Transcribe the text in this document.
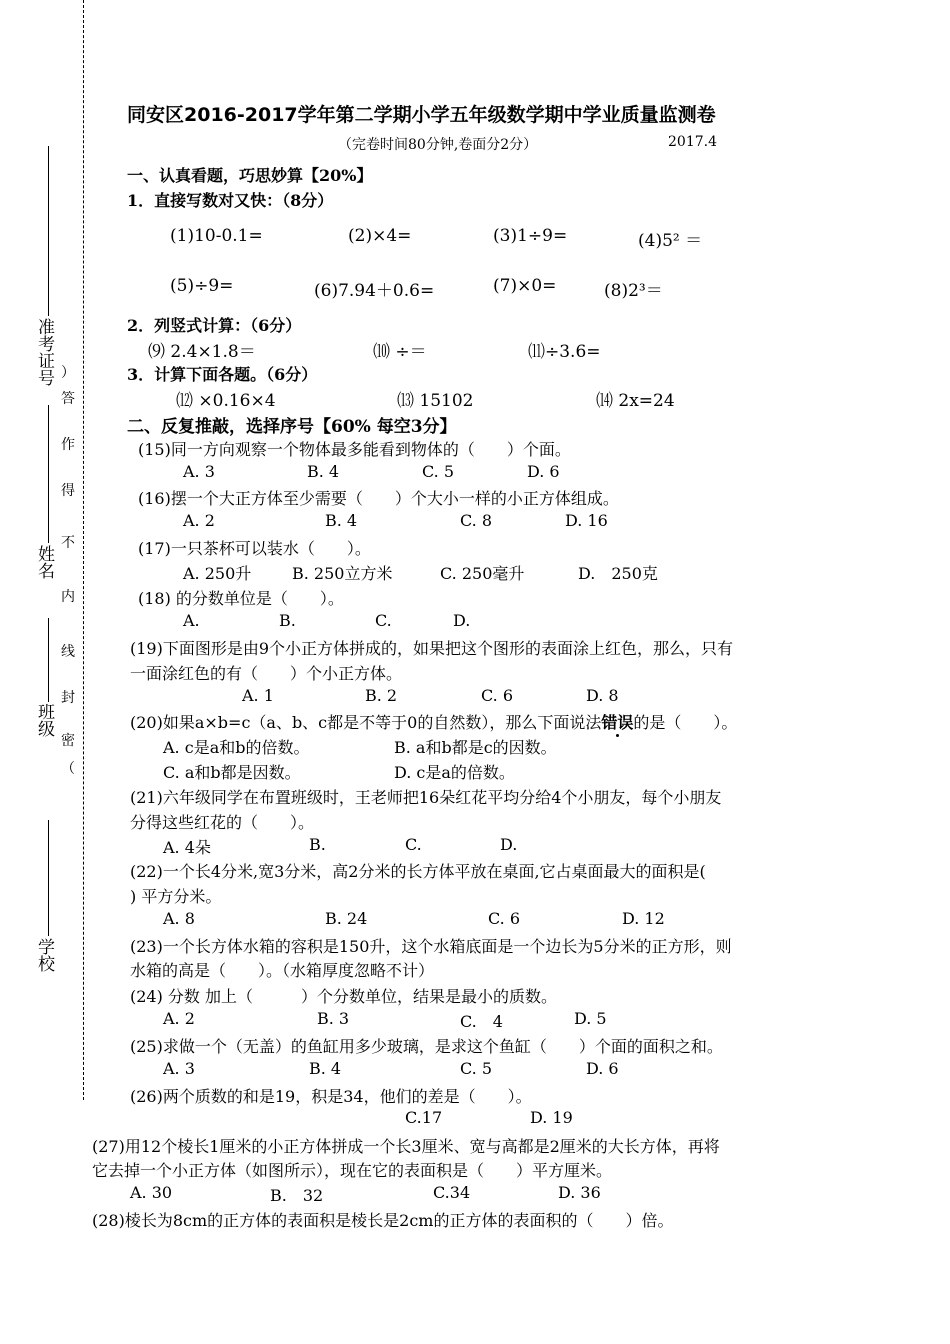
准考证号
姓名
班级
学校
（
密
封
线
内
不
得
作
答
）
同安区2016-2017学年第二学期小学五年级数学期中学业质量监测卷
（完卷时间80分钟,卷面分2分）	2017.4
一、认真看题，巧思妙算【20%】
1．直接写数对又快：（8分）
(1)10-0.1=	(2)×4=	(3)1÷9=	(4)5² ＝
(5)÷9=	(6)7.94＋0.6=	(7)×0=	(8)2³＝
2．列竖式计算：（6分）
⑼ 2.4×1.8＝	⑽ ÷＝	⑾÷3.6=
3．计算下面各题。（6分）
⑿ ×0.16×4	⒀ 15102	⒁ 2x=24
二、反复推敲，选择序号【60% 每空3分】
(15)同一方向观察一个物体最多能看到物体的（　　）个面。
A. 3	B. 4	C. 5	D. 6
(16)摆一个大正方体至少需要（　　）个大小一样的小正方体组成。
A. 2	B. 4	C. 8	D. 16
(17)一只茶杯可以装水（　　）。
A. 250升	B. 250立方米	C. 250毫升	D.　250克
(18) 的分数单位是（　　）。
A.	B.	C.	D.
(19)下面图形是由9个小正方体拼成的，如果把这个图形的表面涂上红色，那么，只有
一面涂红色的有（　　）个小正方体。
A. 1	B. 2	C. 6	D. 8
(20)如果a×b=c（a、b、c都是不等于0的自然数），那么下面说法错误的是（　　）。
A. c是a和b的倍数。	B. a和b都是c的因数。
C. a和b都是因数。	D. c是a的倍数。
(21)六年级同学在布置班级时，王老师把16朵红花平均分给4个小朋友，每个小朋友
分得这些红花的（　　）。
A. 4朵	B.	C.	D.
(22)一个长4分米,宽3分米，高2分米的长方体平放在桌面,它占桌面最大的面积是(
) 平方分米。
A. 8	B. 24	C. 6	D. 12
(23)一个长方体水箱的容积是150升，这个水箱底面是一个边长为5分米的正方形，则
水箱的高是（　　）。（水箱厚度忽略不计）
(24) 分数 加上（　　　）个分数单位，结果是最小的质数。
A. 2	B. 3	C.　4	D. 5
(25)求做一个（无盖）的鱼缸用多少玻璃，是求这个鱼缸（　　）个面的面积之和。
A. 3	B. 4	C. 5	D. 6
(26)两个质数的和是19，积是34，他们的差是（　　）。
C.17	D. 19
(27)用12个棱长1厘米的小正方体拼成一个长3厘米、宽与高都是2厘米的大长方体，再将
它去掉一个小正方体（如图所示），现在它的表面积是（　　）平方厘米。
A. 30	B.　32	C.34	D. 36
(28)棱长为8cm的正方体的表面积是棱长是2cm的正方体的表面积的（　　）倍。
